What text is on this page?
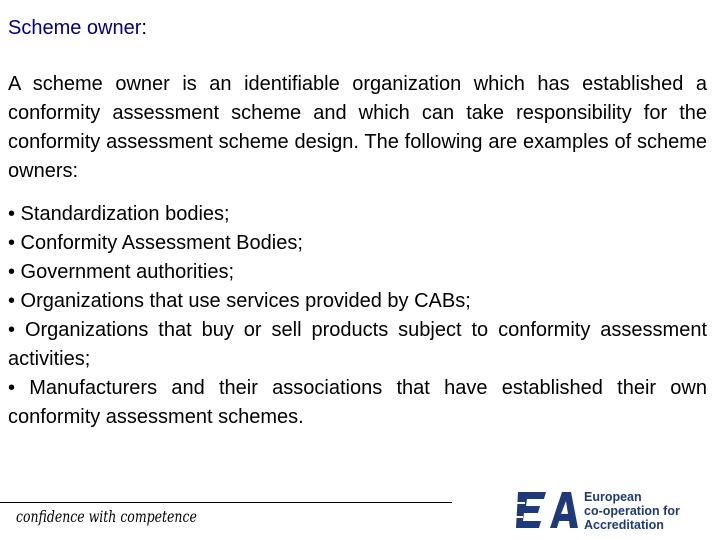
Scheme owner:
A scheme owner is an identifiable organization which has established a conformity assessment scheme and which can take responsibility for the conformity assessment scheme design. The following are examples of scheme owners:
• Standardization bodies;
• Conformity Assessment Bodies;
• Government authorities;
• Organizations that use services provided by CABs;
• Organizations that buy or sell products subject to conformity assessment activities;
• Manufacturers and their associations that have established their own conformity assessment schemes.
confidence with competence
European
co-operation for
Accreditation
